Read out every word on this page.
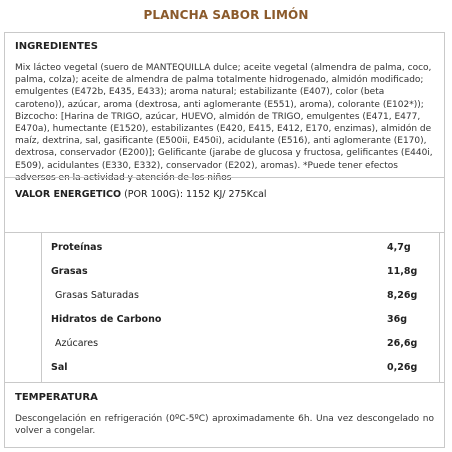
PLANCHA SABOR LIMÓN
INGREDIENTES
Mix lácteo vegetal (suero de MANTEQUILLA dulce; aceite vegetal (almendra de palma, coco, palma, colza); aceite de almendra de palma totalmente hidrogenado, almidón modificado; emulgentes (E472b, E435, E433); aroma natural; estabilizante (E407), color (beta caroteno)), azúcar, aroma (dextrosa, anti aglomerante (E551), aroma), colorante (E102*)); Bizcocho: [Harina de TRIGO, azúcar, HUEVO, almidón de TRIGO, emulgentes (E471, E477, E470a), humectante (E1520), estabilizantes (E420, E415, E412, E170, enzimas), almidón de maíz, dextrina, sal, gasificante (E500ii, E450i), acidulante (E516), anti aglomerante (E170), dextrosa, conservador (E200)]; Gelificante (jarabe de glucosa y fructosa, gelificantes (E440i, E509), acidulantes (E330, E332), conservador (E202), aromas). *Puede tener efectos adversos en la actividad y atención de los niños
VALOR ENERGETICO (POR 100G): 1152 KJ/ 275Kcal
Proteínas	4,7g
Grasas	11,8g
Grasas Saturadas	8,26g
Hidratos de Carbono	36g
Azúcares	26,6g
Sal	0,26g
TEMPERATURA
Descongelación en refrigeración (0ºC-5ºC) aproximadamente 6h. Una vez descongelado no volver a congelar.
